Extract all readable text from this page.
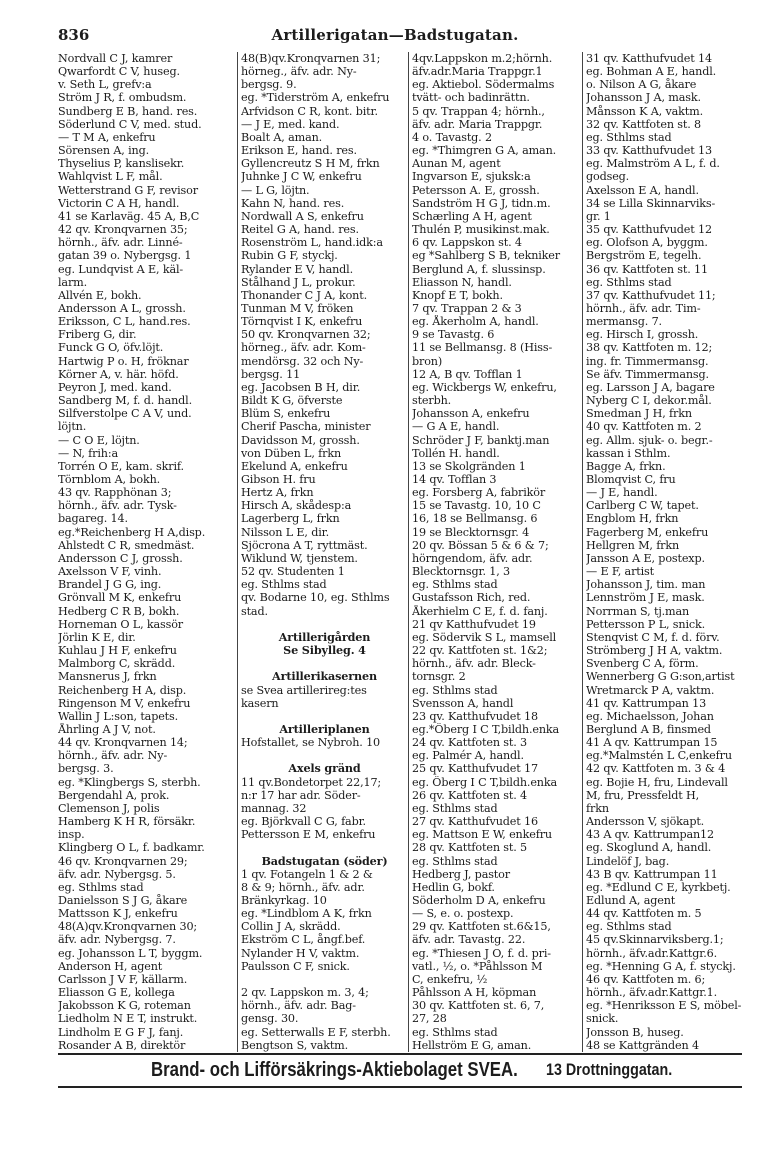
836	Artillerigatan—Badstugatan.
Nordvall C J, kamrer
Qwarfordt C V, huseg.
v. Seth L, grefv:a
Ström J R, f. ombudsm.
Sundberg E B, hand. res.
Söderlund C V, med. stud.
— T M A, enkefru
Sörensen A, ing.
Thyselius P, kanslisekr.
Wahlqvist L F, mål.
Wetterstrand G F, revisor
Victorin C A H, handl.
41 se Karlaväg. 45 A, B,C
42 qv. Kronqvarnen 35;
hörnh., äfv. adr. Linné-
gatan 39 o. Nybergsg. 1
eg. Lundqvist A E, käl-
larm.
Allvén E, bokh.
Andersson A L, grossh.
Eriksson, C L, hand.res.
Friberg G, dir.
Funck G O, öfv.löjt.
Hartwig P o. H, fröknar
Körner A, v. här. höfd.
Peyron J, med. kand.
Sandberg M, f. d. handl.
Silfverstolpe C A V, und.
löjtn.
— C O E, löjtn.
— N, frih:a
Torrén O E, kam. skrif.
Törnblom A, bokh.
43 qv. Rapphönan 3;
hörnh., äfv. adr. Tysk-
bagareg. 14.
eg.*Reichenberg H A,disp.
Ahlstedt C R, smedmäst.
Andersson C J, grossh.
Axelsson V F, vinh.
Brandel J G G, ing.
Grönvall M K, enkefru
Hedberg C R B, bokh.
Horneman O L, kassör
Jörlin K E, dir.
Kuhlau J H F, enkefru
Malmborg C, skrädd.
Mansnerus J, frkn
Reichenberg H A, disp.
Ringenson M V, enkefru
Wallin J L:son, tapets.
Åhrling A J V, not.
44 qv. Kronqvarnen 14;
hörnh., äfv. adr. Ny-
bergsg. 3.
eg. *Klingbergs S, sterbh.
Bergendahl A, prok.
Clemenson J, polis
Hamberg K H R, försäkr.
insp.
Klingberg O L, f. badkamr.
46 qv. Kronqvarnen 29;
äfv. adr. Nybergsg. 5.
eg. Sthlms stad
Danielsson S J G, åkare
Mattsson K J, enkefru
48(A)qv.Kronqvarnen 30;
äfv. adr. Nybergsg. 7.
eg. Johansson L T, byggm.
Anderson H, agent
Carlsson J V F, källarm.
Eliasson G E, kollega
Jakobsson K G, roteman
Liedholm N E T, instrukt.
Lindholm E G F J, fanj.
Rosander A B, direktör
48(B)qv.Kronqvarnen 31;
hörneg., äfv. adr. Ny-
bergsg. 9.
eg. *Tiderström A, enkefru
Arfvidson C R, kont. bitr.
— J E, med. kand.
Boalt A, aman.
Erikson E, hand. res.
Gyllencreutz S H M, frkn
Juhnke J C W, enkefru
— L G, löjtn.
Kahn N, hand. res.
Nordwall A S, enkefru
Reitel G A, hand. res.
Rosenström L, hand.idk:a
Rubin G F, styckj.
Rylander E V, handl.
Stålhand J L, prokur.
Thonander C J A, kont.
Tunman M V, fröken
Törnqvist I K, enkefru
50 qv. Kronqvarnen 32;
hörneg., äfv. adr. Kom-
mendörsg. 32 och Ny-
bergsg. 11
eg. Jacobsen B H, dir.
Bildt K G, öfverste
Blüm S, enkefru
Cherif Pascha, minister
Davidsson M, grossh.
von Düben L, frkn
Ekelund A, enkefru
Gibson H. fru
Hertz A, frkn
Hirsch A, skådesp:a
Lagerberg L, frkn
Nilsson L E, dir.
Sjöcrona A T, ryttmäst.
Wiklund W, tjenstem.
52 qv. Studenten 1
eg. Sthlms stad
qv. Bodarne 10, eg. Sthlms
stad.

Artillerigården
Se Sibylleg. 4

Artillerikasernen
se Svea artillerireg:tes
kasern

Artilleriplanen
Hofstallet, se Nybroh. 10

Axels gränd
11 qv.Bondetorpet 22,17;
n:r 17 har adr. Söder-
mannag. 32
eg. Björkvall C G, fabr.
Pettersson E M, enkefru

Badstugatan (söder)
1 qv. Fotangeln 1 & 2 &
8 & 9; hörnh., äfv. adr.
Bränkyrkag. 10
eg. *Lindblom A K, frkn
Collin J A, skrädd.
Ekström C L, ångf.bef.
Nylander H V, vaktm.
Paulsson C F, snick.

2 qv. Lappskon m. 3, 4;
hörnh., äfv. adr. Bag-
gensg. 30.
eg. Setterwalls E F, sterbh.
Bengtson S, vaktm.
4qv.Lappskon m.2;hörnh.
äfv.adr.Maria Trappgr.1
eg. Aktiebol. Södermalms
tvätt- och badinrättn.
5 qv. Trappan 4; hörnh.,
äfv. adr. Maria Trappgr.
4 o. Tavastg. 2
eg. *Thimgren G A, aman.
Aunan M, agent
Ingvarson E, sjuksk:a
Petersson A. E, grossh.
Sandström H G J, tidn.m.
Schærling A H, agent
Thulén P, musikinst.mak.
6 qv. Lappskon st. 4
eg *Sahlberg S B, tekniker
Berglund A, f. slussinsp.
Eliasson N, handl.
Knopf E T, bokh.
7 qv. Trappan 2 & 3
eg. Åkerholm A, handl.
9 se Tavastg. 6
11 se Bellmansg. 8 (Hiss-
bron)
12 A, B qv. Tofflan 1
eg. Wickbergs W, enkefru,
sterbh.
Johansson A, enkefru
— G A E, handl.
Schröder J F, banktj.man
Tollén H. handl.
13 se Skolgränden 1
14 qv. Tofflan 3
eg. Forsberg A, fabrikör
15 se Tavastg. 10, 10 C
16, 18 se Bellmansg. 6
19 se Blecktornsgr. 4
20 qv. Bössan 5 & 6 & 7;
hörngendom, äfv. adr.
Blecktornsgr. 1, 3
eg. Sthlms stad
Gustafsson Rich, red.
Åkerhielm C E, f. d. fanj.
21 qv Katthufvudet 19
eg. Södervik S L, mamsell
22 qv. Kattfoten st. 1&2;
hörnh., äfv. adr. Bleck-
tornsgr. 2
eg. Sthlms stad
Svensson A, handl
23 qv. Katthufvudet 18
eg.*Öberg I C T,bildh.enka
24 qv. Kattfoten st. 3
eg. Palmér A, handl.
25 qv. Katthufvudet 17
eg. Öberg I C T,bildh.enka
26 qv. Kattfoten st. 4
eg. Sthlms stad
27 qv. Katthufvudet 16
eg. Mattson E W, enkefru
28 qv. Kattfoten st. 5
eg. Sthlms stad
Hedberg J, pastor
Hedlin G, bokf.
Söderholm D A, enkefru
— S, e. o. postexp.
29 qv. Kattfoten st.6&15,
äfv. adr. Tavastg. 22.
eg. *Thiesen J O, f. d. pri-
vatl., ½, o. *Påhlsson M
C, enkefru, ½
Påhlsson A H, köpman
30 qv. Kattfoten st. 6, 7,
27, 28
eg. Sthlms stad
Hellström E G, aman.
31 qv. Katthufvudet 14
eg. Bohman A E, handl.
o. Nilson A G, åkare
Johansson J A, mask.
Månsson K A, vaktm.
32 qv. Kattfoten st. 8
eg. Sthlms stad
33 qv. Katthufvudet 13
eg. Malmström A L, f. d.
godseg.
Axelsson E A, handl.
34 se Lilla Skinnarviks-
gr. 1
35 qv. Katthufvudet 12
eg. Olofson A, byggm.
Bergström E, tegelh.
36 qv. Kattfoten st. 11
eg. Sthlms stad
37 qv. Katthufvudet 11;
hörnh., äfv. adr. Tim-
mermansg. 7.
eg. Hirsch I, grossh.
38 qv. Kattfoten m. 12;
ing. fr. Timmermansg.
Se äfv. Timmermansg.
eg. Larsson J A, bagare
Nyberg C I, dekor.mål.
Smedman J H, frkn
40 qv. Kattfoten m. 2
eg. Allm. sjuk- o. begr.-
kassan i Sthlm.
Bagge A, frkn.
Blomqvist C, fru
— J E, handl.
Carlberg C W, tapet.
Engblom H, frkn
Fagerberg M, enkefru
Hellgren M, frkn
Jansson A E, postexp.
— E F, artist
Johansson J, tim. man
Lennström J E, mask.
Norrman S, tj.man
Pettersson P L, snick.
Stenqvist C M, f. d. förv.
Strömberg J H A, vaktm.
Svenberg C A, förm.
Wennerberg G G:son,artist
Wretmarck P A, vaktm.
41 qv. Kattrumpan 13
eg. Michaelsson, Johan
Berglund A B, finsmed
41 A qv. Kattrumpan 15
eg.*Malmstén L C,enkefru
42 qv. Kattfoten m. 3 & 4
eg. Bojie H, fru, Lindevall
M, fru, Pressfeldt H,
frkn
Andersson V, sjökapt.
43 A qv. Kattrumpan12
eg. Skoglund A, handl.
Lindelöf J, bag.
43 B qv. Kattrumpan 11
eg. *Edlund C E, kyrkbetj.
Edlund A, agent
44 qv. Kattfoten m. 5
eg. Sthlms stad
45 qv.Skinnarviksberg.1;
hörnh., äfv.adr.Kattgr.6.
eg. *Henning G A, f. styckj.
46 qv. Kattfoten m. 6;
hörnh., äfv.adr.Kattgr.1.
eg. *Henriksson E S, möbel-
snick.
Jonsson B, huseg.
48 se Kattgränden 4
Brand- och Lifförsäkrings-Aktiebolaget SVEA. 13 Drottninggatan.
